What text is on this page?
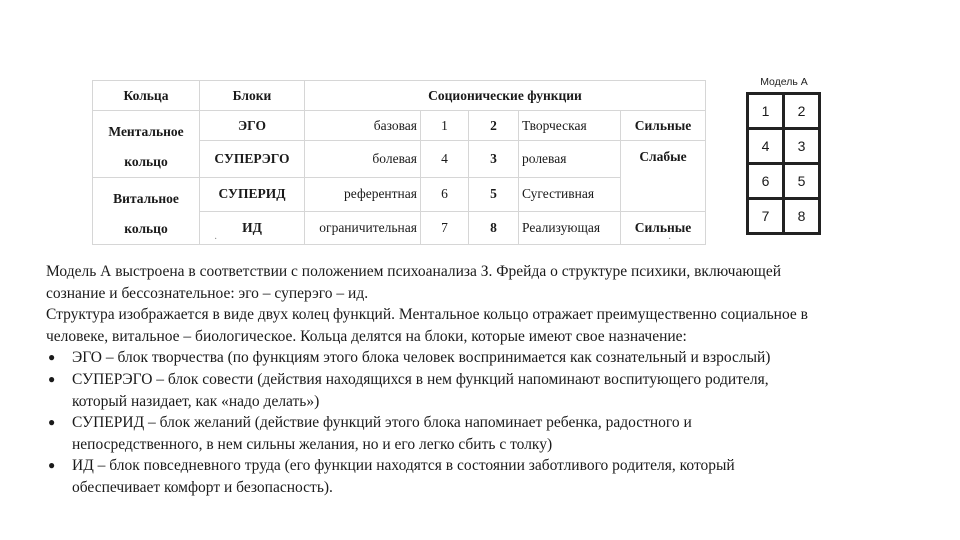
Кольца	Блоки	Соционические функции				

Ментальное
кольцо	ЭГО	базовая	1	2	Творческая	Сильные
	СУПЕРЭГО	болевая	4	3	ролевая	Слабые

Витальное
кольцо	СУПЕРИД	референтная	6	5	Сугестивная	
	ИД	ограничительная	7	8	Реализующая	Сильные
·	·
Модель А
1	2
4	3
6	5
7	8

Модель А выстроена в соответствии с положением психоанализа З. Фрейда о структуре психики, включающей
сознание и бессознательное: эго – суперэго – ид.

Структура изображается в виде двух колец функций. Ментальное кольцо отражает преимущественно социальное в
человеке, витальное – биологическое. Кольца делятся на блоки, которые имеют свое назначение:

● ЭГО – блок творчества (по функциям этого блока человек воспринимается как сознательный и взрослый)
● СУПЕРЭГО – блок совести (действия находящихся в нем функций напоминают воспитующего родителя,
который назидает, как «надо делать»)
● СУПЕРИД – блок желаний (действие функций этого блока напоминает ребенка, радостного и
непосредственного, в нем сильны желания, но и его легко сбить с толку)
● ИД – блок повседневного труда (его функции находятся в состоянии заботливого родителя, который
обеспечивает комфорт и безопасность).
